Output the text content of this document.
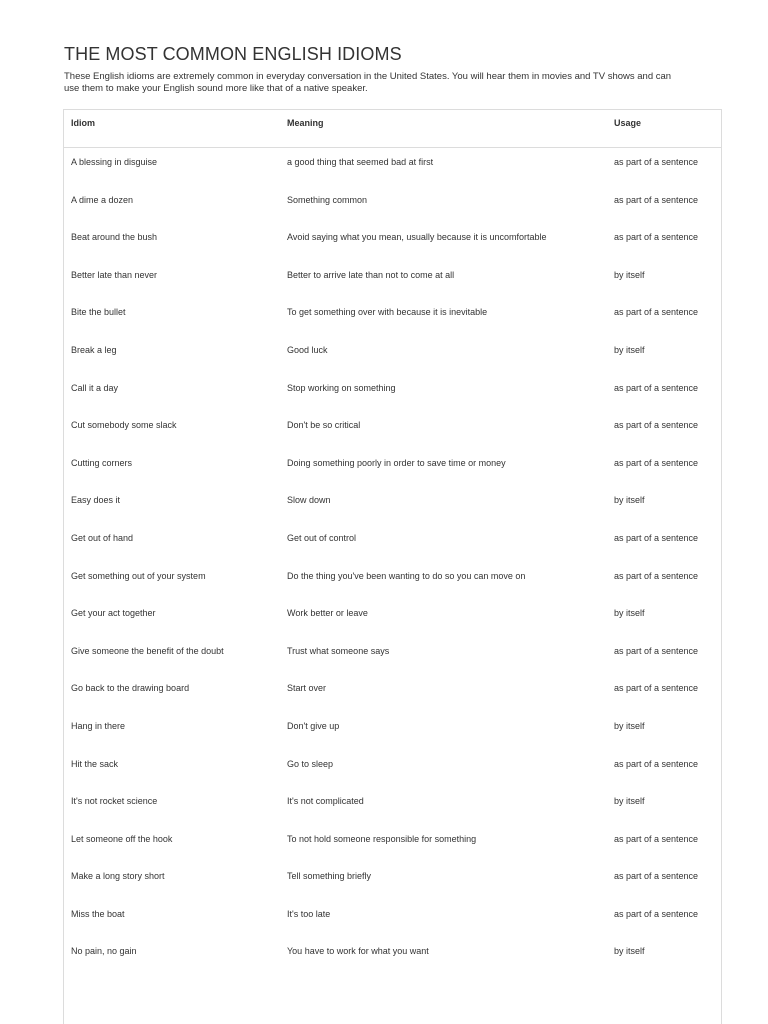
THE MOST COMMON ENGLISH IDIOMS

These English idioms are extremely common in everyday conversation in the United States. You will hear them in movies and TV shows and can use them to make your English sound more like that of a native speaker.

Idiom	Meaning	Usage
A blessing in disguise	a good thing that seemed bad at first	as part of a sentence
A dime a dozen	Something common	as part of a sentence
Beat around the bush	Avoid saying what you mean, usually because it is uncomfortable	as part of a sentence
Better late than never	Better to arrive late than not to come at all	by itself
Bite the bullet	To get something over with because it is inevitable	as part of a sentence
Break a leg	Good luck	by itself
Call it a day	Stop working on something	as part of a sentence
Cut somebody some slack	Don't be so critical	as part of a sentence
Cutting corners	Doing something poorly in order to save time or money	as part of a sentence
Easy does it	Slow down	by itself
Get out of hand	Get out of control	as part of a sentence
Get something out of your system	Do the thing you've been wanting to do so you can move on	as part of a sentence
Get your act together	Work better or leave	by itself
Give someone the benefit of the doubt	Trust what someone says	as part of a sentence
Go back to the drawing board	Start over	as part of a sentence
Hang in there	Don't give up	by itself
Hit the sack	Go to sleep	as part of a sentence
It's not rocket science	It's not complicated	by itself
Let someone off the hook	To not hold someone responsible for something	as part of a sentence
Make a long story short	Tell something briefly	as part of a sentence
Miss the boat	It's too late	as part of a sentence
No pain, no gain	You have to work for what you want	by itself
